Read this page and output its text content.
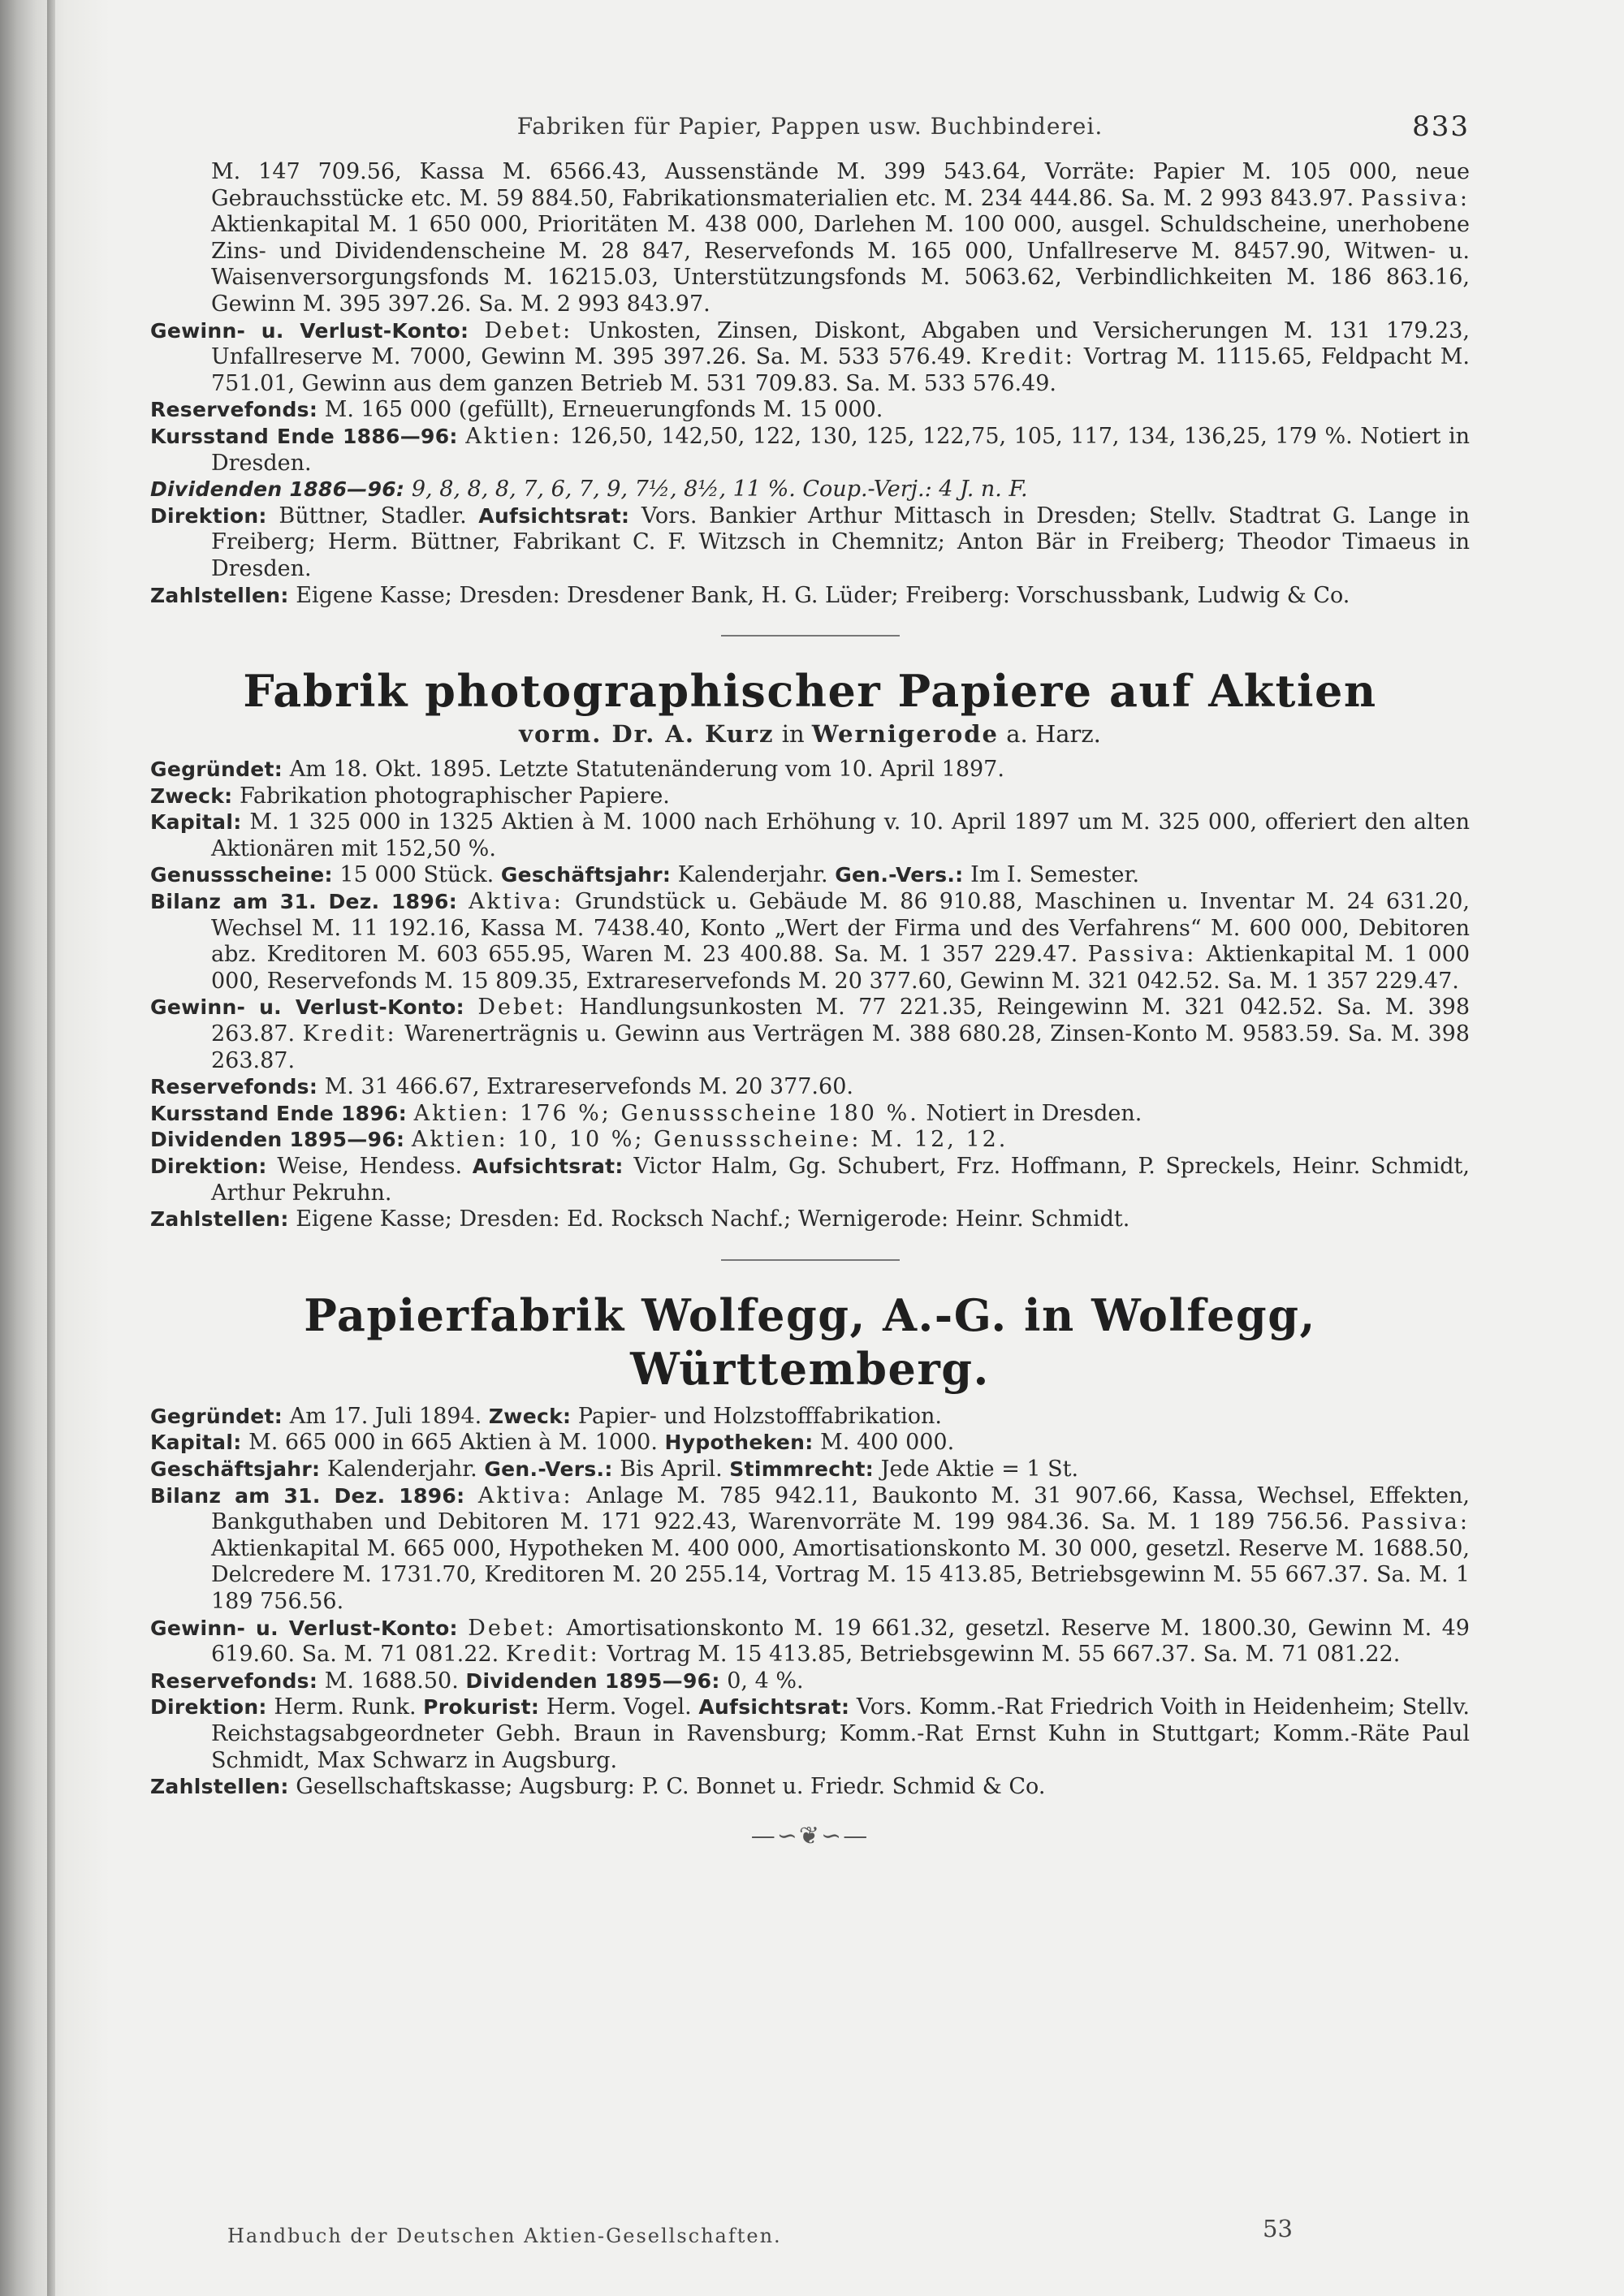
Fabriken für Papier, Pappen usw. Buchbinderei.	833

M. 147 709.56, Kassa M. 6566.43, Aussenstände M. 399 543.64, Vorräte: Papier M. 105 000, neue Gebrauchsstücke etc. M. 59 884.50, Fabrikationsmaterialien etc. M. 234 444.86. Sa. M. 2 993 843.97. Passiva: Aktienkapital M. 1 650 000, Prioritäten M. 438 000, Darlehen M. 100 000, ausgel. Schuldscheine, unerhobene Zins- und Dividendenscheine M. 28 847, Reservefonds M. 165 000, Unfallreserve M. 8457.90, Witwen- u. Waisenversorgungsfonds M. 16215.03, Unterstützungsfonds M. 5063.62, Verbindlichkeiten M. 186 863.16, Gewinn M. 395 397.26. Sa. M. 2 993 843.97.

Gewinn- u. Verlust-Konto: Debet: Unkosten, Zinsen, Diskont, Abgaben und Versicherungen M. 131 179.23, Unfallreserve M. 7000, Gewinn M. 395 397.26. Sa. M. 533 576.49. Kredit: Vortrag M. 1115.65, Feldpacht M. 751.01, Gewinn aus dem ganzen Betrieb M. 531 709.83. Sa. M. 533 576.49.

Reservefonds: M. 165 000 (gefüllt), Erneuerungfonds M. 15 000.

Kursstand Ende 1886—96: Aktien: 126,50, 142,50, 122, 130, 125, 122,75, 105, 117, 134, 136,25, 179 %. Notiert in Dresden.

Dividenden 1886—96: 9, 8, 8, 8, 7, 6, 7, 9, 7½, 8½, 11 %. Coup.-Verj.: 4 J. n. F.

Direktion: Büttner, Stadler. Aufsichtsrat: Vors. Bankier Arthur Mittasch in Dresden; Stellv. Stadtrat G. Lange in Freiberg; Herm. Büttner, Fabrikant C. F. Witzsch in Chemnitz; Anton Bär in Freiberg; Theodor Timaeus in Dresden.

Zahlstellen: Eigene Kasse; Dresden: Dresdener Bank, H. G. Lüder; Freiberg: Vorschussbank, Ludwig & Co.

Fabrik photographischer Papiere auf Aktien

vorm. Dr. A. Kurz in Wernigerode a. Harz.

Gegründet: Am 18. Okt. 1895. Letzte Statutenänderung vom 10. April 1897.

Zweck: Fabrikation photographischer Papiere.

Kapital: M. 1 325 000 in 1325 Aktien à M. 1000 nach Erhöhung v. 10. April 1897 um M. 325 000, offeriert den alten Aktionären mit 152,50 %.

Genussscheine: 15 000 Stück. Geschäftsjahr: Kalenderjahr. Gen.-Vers.: Im I. Semester.

Bilanz am 31. Dez. 1896: Aktiva: Grundstück u. Gebäude M. 86 910.88, Maschinen u. Inventar M. 24 631.20, Wechsel M. 11 192.16, Kassa M. 7438.40, Konto „Wert der Firma und des Verfahrens“ M. 600 000, Debitoren abz. Kreditoren M. 603 655.95, Waren M. 23 400.88. Sa. M. 1 357 229.47. Passiva: Aktienkapital M. 1 000 000, Reservefonds M. 15 809.35, Extrareservefonds M. 20 377.60, Gewinn M. 321 042.52. Sa. M. 1 357 229.47.

Gewinn- u. Verlust-Konto: Debet: Handlungsunkosten M. 77 221.35, Reingewinn M. 321 042.52. Sa. M. 398 263.87. Kredit: Warenerträgnis u. Gewinn aus Verträgen M. 388 680.28, Zinsen-Konto M. 9583.59. Sa. M. 398 263.87.

Reservefonds: M. 31 466.67, Extrareservefonds M. 20 377.60.

Kursstand Ende 1896: Aktien: 176 %; Genussscheine 180 %. Notiert in Dresden.

Dividenden 1895—96: Aktien: 10, 10 %; Genussscheine: M. 12, 12.

Direktion: Weise, Hendess. Aufsichtsrat: Victor Halm, Gg. Schubert, Frz. Hoffmann, P. Spreckels, Heinr. Schmidt, Arthur Pekruhn.

Zahlstellen: Eigene Kasse; Dresden: Ed. Rocksch Nachf.; Wernigerode: Heinr. Schmidt.

Papierfabrik Wolfegg, A.-G. in Wolfegg, Württemberg.

Gegründet: Am 17. Juli 1894. Zweck: Papier- und Holzstofffabrikation.

Kapital: M. 665 000 in 665 Aktien à M. 1000. Hypotheken: M. 400 000.

Geschäftsjahr: Kalenderjahr. Gen.-Vers.: Bis April. Stimmrecht: Jede Aktie = 1 St.

Bilanz am 31. Dez. 1896: Aktiva: Anlage M. 785 942.11, Baukonto M. 31 907.66, Kassa, Wechsel, Effekten, Bankguthaben und Debitoren M. 171 922.43, Warenvorräte M. 199 984.36. Sa. M. 1 189 756.56. Passiva: Aktienkapital M. 665 000, Hypotheken M. 400 000, Amortisationskonto M. 30 000, gesetzl. Reserve M. 1688.50, Delcredere M. 1731.70, Kreditoren M. 20 255.14, Vortrag M. 15 413.85, Betriebsgewinn M. 55 667.37. Sa. M. 1 189 756.56.

Gewinn- u. Verlust-Konto: Debet: Amortisationskonto M. 19 661.32, gesetzl. Reserve M. 1800.30, Gewinn M. 49 619.60. Sa. M. 71 081.22. Kredit: Vortrag M. 15 413.85, Betriebsgewinn M. 55 667.37. Sa. M. 71 081.22.

Reservefonds: M. 1688.50. Dividenden 1895—96: 0, 4 %.

Direktion: Herm. Runk. Prokurist: Herm. Vogel. Aufsichtsrat: Vors. Komm.-Rat Friedrich Voith in Heidenheim; Stellv. Reichstagsabgeordneter Gebh. Braun in Ravensburg; Komm.-Rat Ernst Kuhn in Stuttgart; Komm.-Räte Paul Schmidt, Max Schwarz in Augsburg.

Zahlstellen: Gesellschaftskasse; Augsburg: P. C. Bonnet u. Friedr. Schmid & Co.

—∽❦∽—
Handbuch der Deutschen Aktien-Gesellschaften.	53
